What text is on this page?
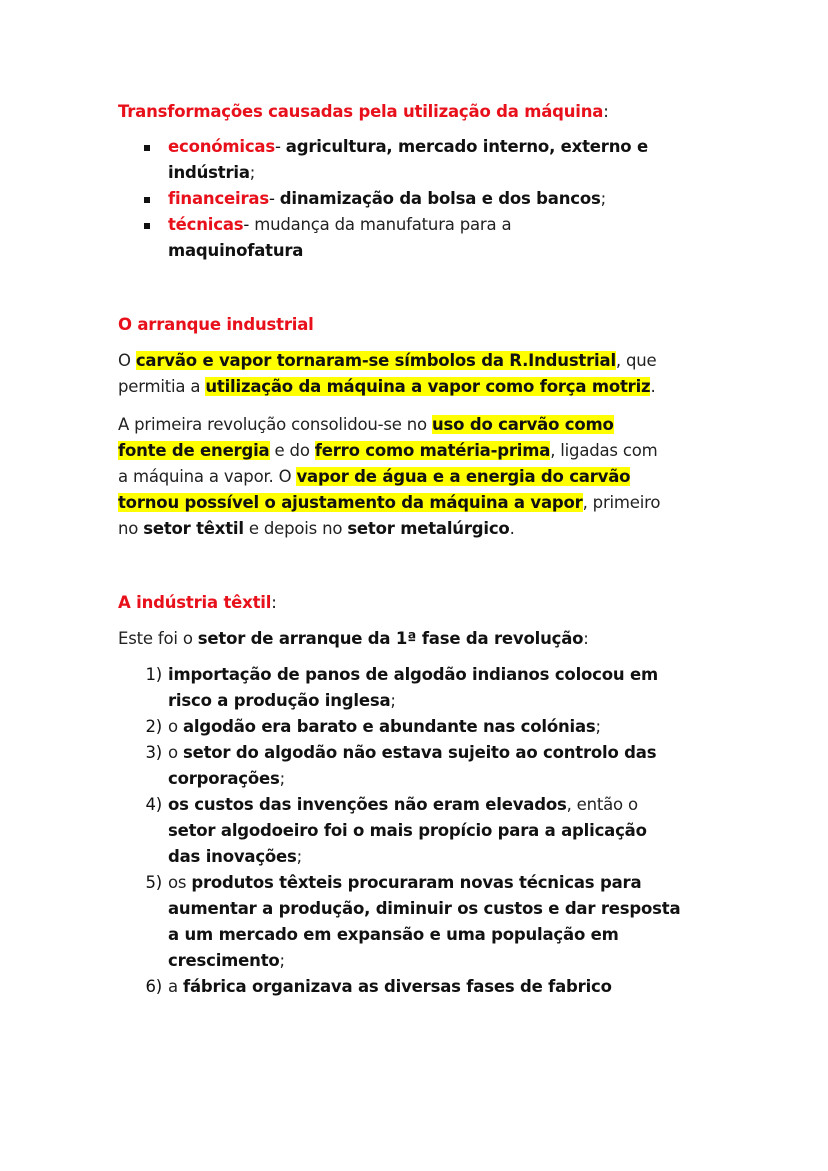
Transformações causadas pela utilização da máquina:
económicas- agricultura, mercado interno, externo e
indústria;
financeiras- dinamização da bolsa e dos bancos;
técnicas- mudança da manufatura para a
maquinofatura
O arranque industrial
O carvão e vapor tornaram-se símbolos da R.Industrial, que
permitia a utilização da máquina a vapor como força motriz.
A primeira revolução consolidou-se no uso do carvão como
fonte de energia e do ferro como matéria-prima, ligadas com
a máquina a vapor. O vapor de água e a energia do carvão
tornou possível o ajustamento da máquina a vapor, primeiro
no setor têxtil e depois no setor metalúrgico.
A indústria têxtil:
Este foi o setor de arranque da 1ª fase da revolução:
1) importação de panos de algodão indianos colocou em
risco a produção inglesa;
2) o algodão era barato e abundante nas colónias;
3) o setor do algodão não estava sujeito ao controlo das
corporações;
4) os custos das invenções não eram elevados, então o
setor algodoeiro foi o mais propício para a aplicação
das inovações;
5) os produtos têxteis procuraram novas técnicas para
aumentar a produção, diminuir os custos e dar resposta
a um mercado em expansão e uma população em
crescimento;
6) a fábrica organizava as diversas fases de fabrico
